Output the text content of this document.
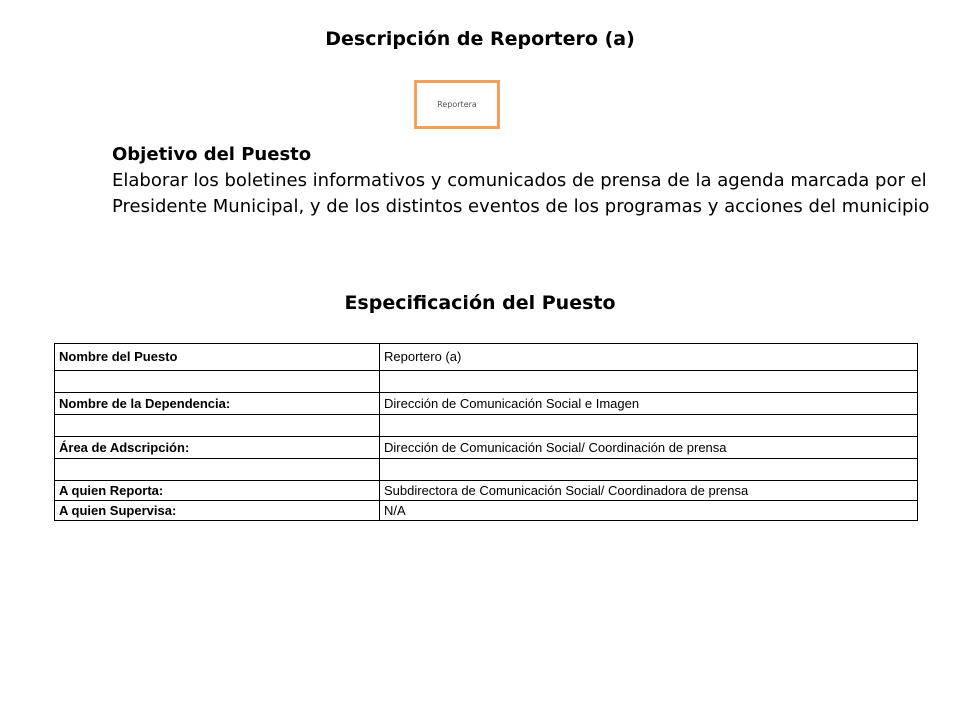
Descripción de Reportero (a)
Reportera
Objetivo del Puesto
Elaborar los boletines informativos y comunicados de prensa de la agenda marcada por el Presidente Municipal, y de los distintos eventos de los programas y acciones del municipio
Especificación del Puesto
Nombre del Puesto	Reportero (a)

Nombre de la Dependencia:	Dirección de Comunicación Social e Imagen

Área de Adscripción:	Dirección de Comunicación Social/ Coordinación de prensa

A quien Reporta:	Subdirectora de Comunicación Social/ Coordinadora de prensa
A quien Supervisa:	N/A
